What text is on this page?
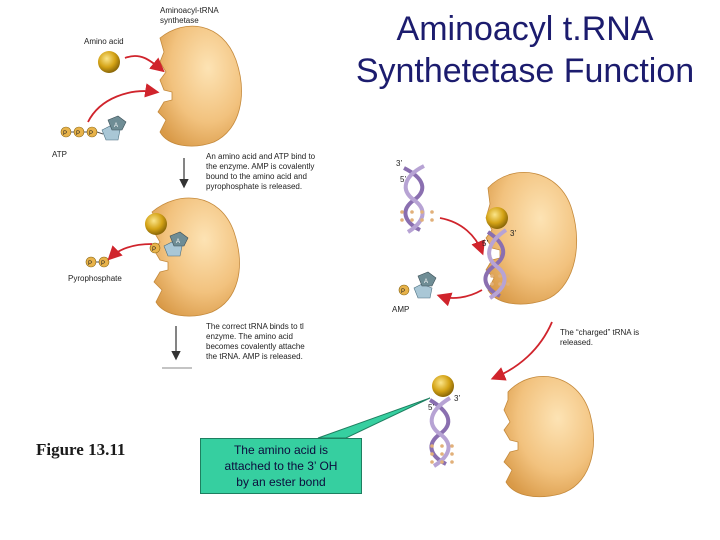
Aminoacyl t.RNA
Synthetetase Function
P P P
A
P
A
P P
P
A
Aminoacyl-tRNA
synthetase
Amino acid
ATP
Pyrophosphate
AMP
3’
5’
3’
5’
3’
5’
An amino acid and ATP bind to
the enzyme. AMP is covalently
bound to the amino acid and
pyrophosphate is released.
The correct tRNA binds to tl
enzyme. The amino acid
becomes covalently attache
the tRNA. AMP is released.
The “charged” tRNA is
released.
Figure 13.11	The amino acid is
attached to the 3’ OH
by an ester bond
